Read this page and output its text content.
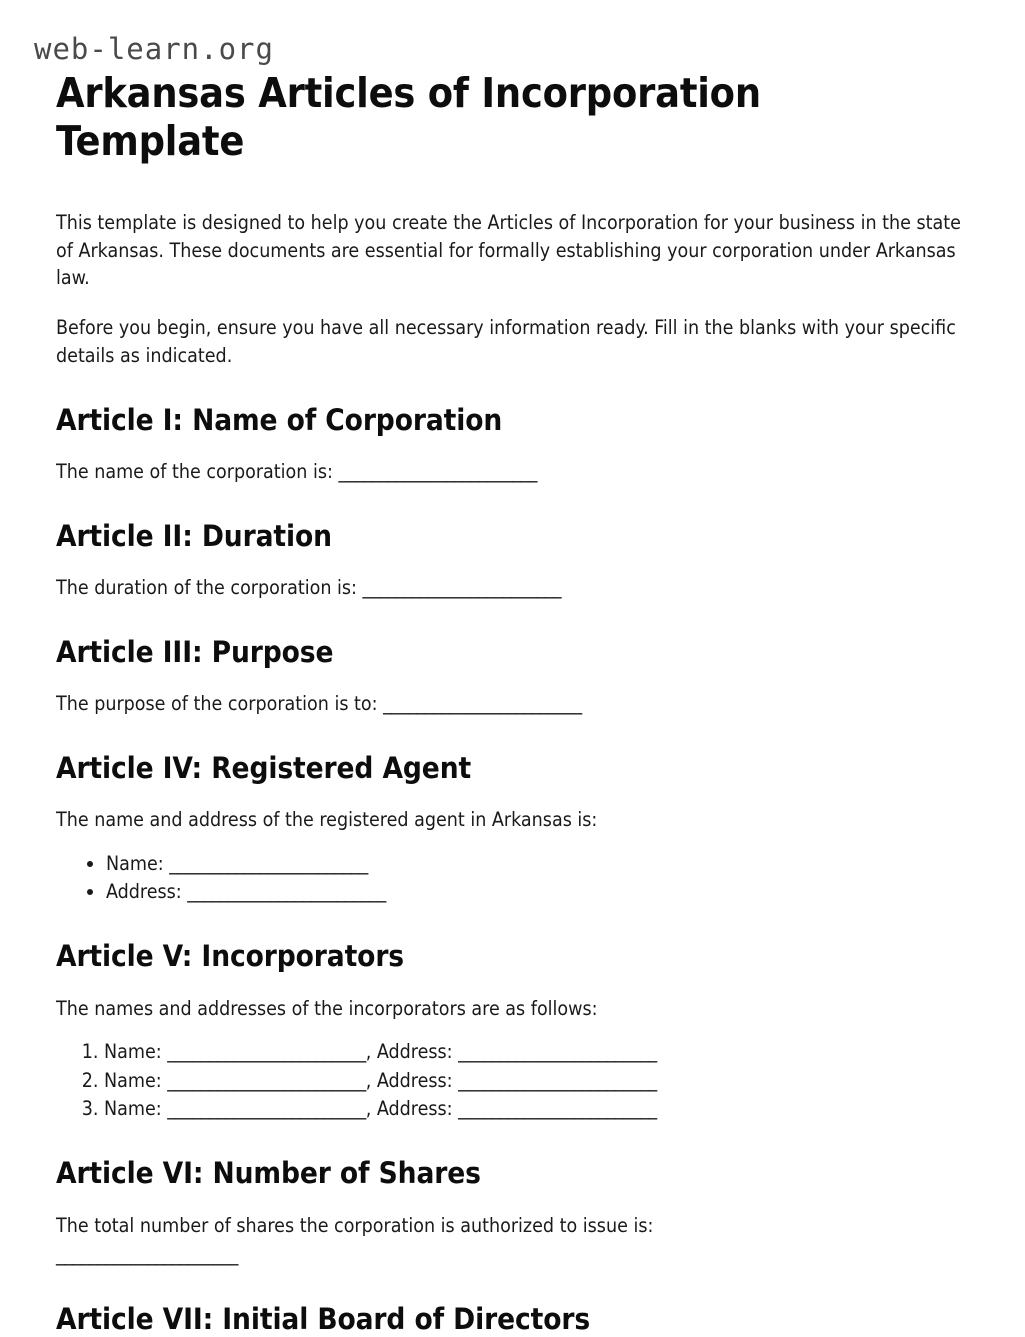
web-learn.org
Arkansas Articles of Incorporation Template

This template is designed to help you create the Articles of Incorporation for your business in the state of Arkansas. These documents are essential for formally establishing your corporation under Arkansas law.

Before you begin, ensure you have all necessary information ready. Fill in the blanks with your specific details as indicated.

Article I: Name of Corporation

The name of the corporation is: ________________________

Article II: Duration

The duration of the corporation is: ________________________

Article III: Purpose

The purpose of the corporation is to: ________________________

Article IV: Registered Agent

The name and address of the registered agent in Arkansas is:

• Name: ________________________
• Address: ________________________
Article V: Incorporators

The names and addresses of the incorporators are as follows:

1. Name: ________________________, Address: ________________________
2. Name: ________________________, Address: ________________________
3. Name: ________________________, Address: ________________________
Article VI: Number of Shares

The total number of shares the corporation is authorized to issue is:
______________________

Article VII: Initial Board of Directors
